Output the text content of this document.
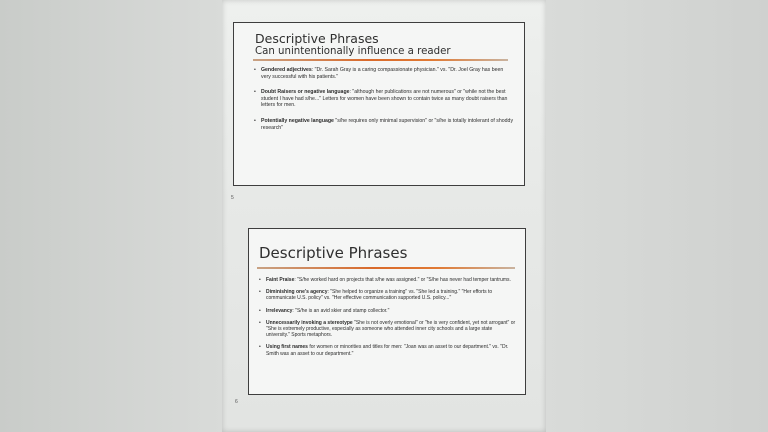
Descriptive Phrases
Can unintentionally influence a reader
• Gendered adjectives: "Dr. Sarah Gray is a caring compassionate physician." vs. "Dr. Joel Gray has been very successful with his patients."
• Doubt Raisers or negative language: "although her publications are not numerous" or "while not the best student I have had s/he..." Letters for women have been shown to contain twice as many doubt raisers than letters for men.
• Potentially negative language "s/he requires only minimal supervision" or "s/he is totally intolerant of shoddy research"
5
Descriptive Phrases
• Faint Praise: "S/he worked hard on projects that s/he was assigned." or "S/he has never had temper tantrums.
• Diminishing one's agency: "She helped to organize a training" vs. "She led a training." "Her efforts to communicate U.S. policy" vs. "Her effective communication supported U.S. policy..."
• Irrelevancy: "S/he is an avid skier and stamp collector."
• Unnecessarily invoking a stereotype "She is not overly emotional" or "he is very confident, yet not arrogant" or "She is extremely productive, especially as someone who attended inner city schools and a large state university." Sports metaphors.
• Using first names for women or minorities and titles for men: "Joan was an asset to our department." vs. "Dr. Smith was an asset to our department."
6
